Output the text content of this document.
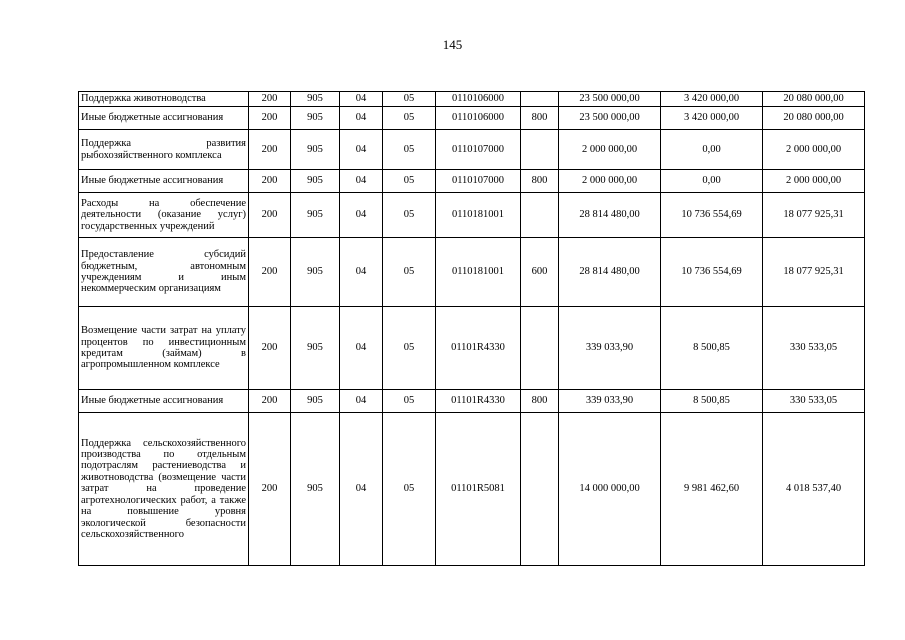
145
Поддержка животноводства	200	905	04	05	0110106000		23 500 000,00	3 420 000,00	20 080 000,00
Иные бюджетные ассигнования	200	905	04	05	0110106000	800	23 500 000,00	3 420 000,00	20 080 000,00
Поддержка развития рыбохозяйственного комплекса	200	905	04	05	0110107000		2 000 000,00	0,00	2 000 000,00
Иные бюджетные ассигнования	200	905	04	05	0110107000	800	2 000 000,00	0,00	2 000 000,00
Расходы на обеспечение деятельности (оказание услуг) государственных учреждений	200	905	04	05	0110181001		28 814 480,00	10 736 554,69	18 077 925,31
Предоставление субсидий бюджетным, автономным учреждениям и иным некоммерческим организациям	200	905	04	05	0110181001	600	28 814 480,00	10 736 554,69	18 077 925,31
Возмещение части затрат на уплату процентов по инвестиционным кредитам (займам) в агропромышленном комплексе	200	905	04	05	01101R4330		339 033,90	8 500,85	330 533,05
Иные бюджетные ассигнования	200	905	04	05	01101R4330	800	339 033,90	8 500,85	330 533,05
Поддержка сельскохозяйственного производства по отдельным подотраслям растениеводства и животноводства (возмещение части затрат на проведение агротехнологических работ, а также на повышение уровня экологической безопасности сельскохозяйственного	200	905	04	05	01101R5081		14 000 000,00	9 981 462,60	4 018 537,40
